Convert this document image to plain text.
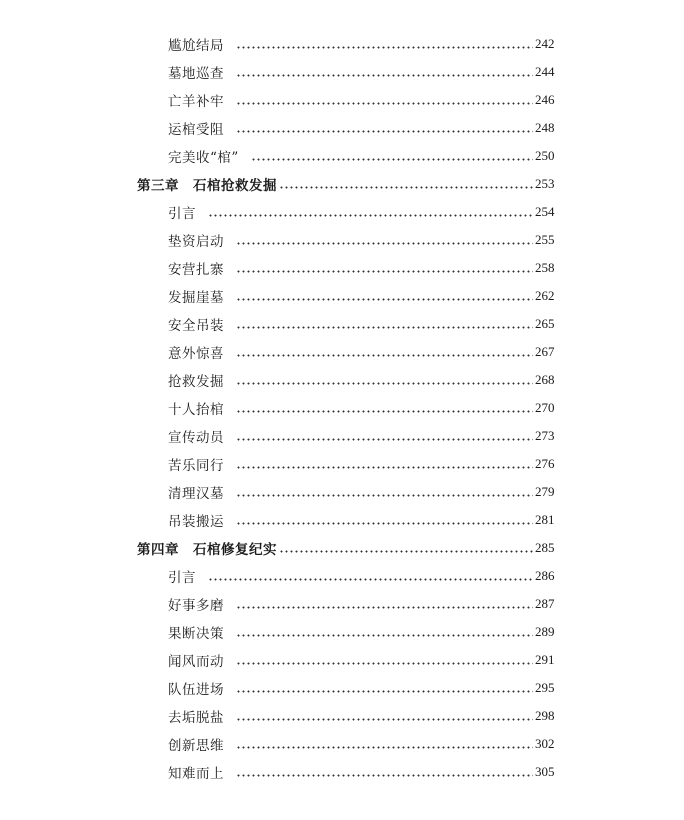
尴尬结局	242
墓地巡查	244
亡羊补牢	246
运棺受阻	248
完美收“棺”	250
第三章 石棺抢救发掘	253
引言	254
垫资启动	255
安营扎寨	258
发掘崖墓	262
安全吊装	265
意外惊喜	267
抢救发掘	268
十人抬棺	270
宣传动员	273
苦乐同行	276
清理汉墓	279
吊装搬运	281
第四章 石棺修复纪实	285
引言	286
好事多磨	287
果断决策	289
闻风而动	291
队伍进场	295
去垢脱盐	298
创新思维	302
知难而上	305
